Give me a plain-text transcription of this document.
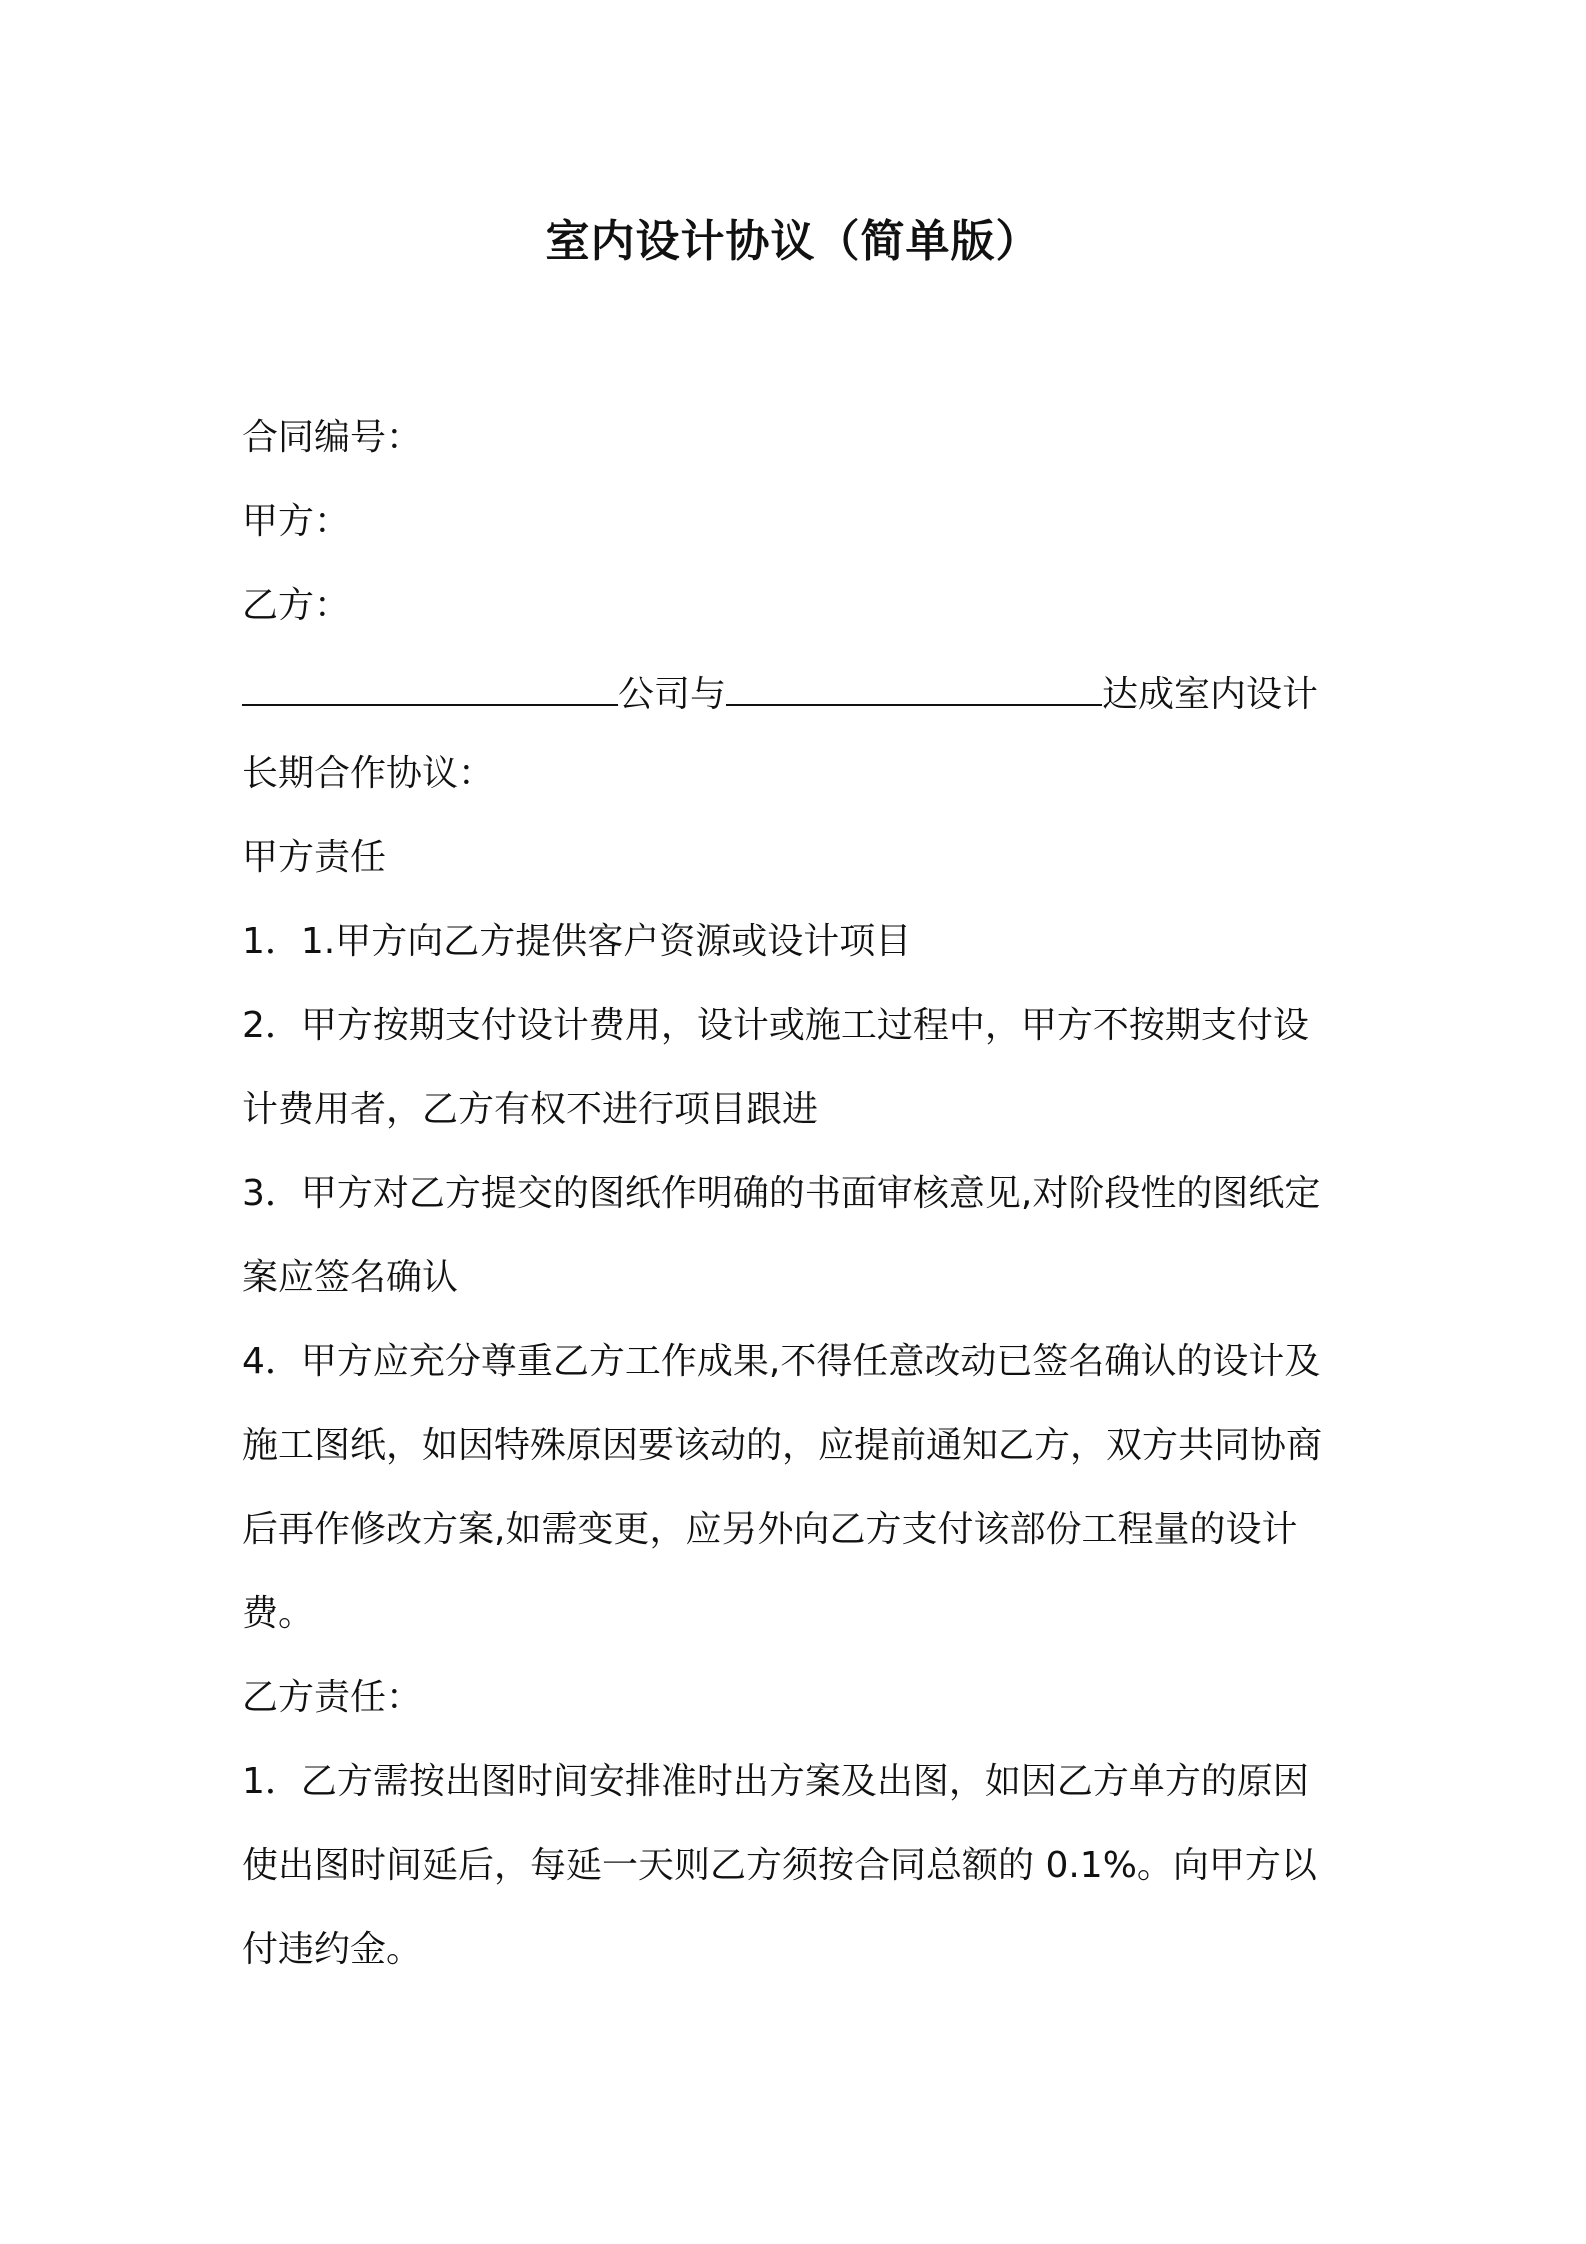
室内设计协议（简单版）
合同编号：
甲方：
乙方：
公司与	达成室内设计
长期合作协议：
甲方责任
1．1.甲方向乙方提供客户资源或设计项目
2．甲方按期支付设计费用，设计或施工过程中，甲方不按期支付设
计费用者，乙方有权不进行项目跟进
3．甲方对乙方提交的图纸作明确的书面审核意见,对阶段性的图纸定
案应签名确认
4．甲方应充分尊重乙方工作成果,不得任意改动已签名确认的设计及
施工图纸，如因特殊原因要该动的，应提前通知乙方，双方共同协商
后再作修改方案,如需变更，应另外向乙方支付该部份工程量的设计
费。
乙方责任：
1．乙方需按出图时间安排准时出方案及出图，如因乙方单方的原因
使出图时间延后，每延一天则乙方须按合同总额的 0.1%。向甲方以
付违约金。
